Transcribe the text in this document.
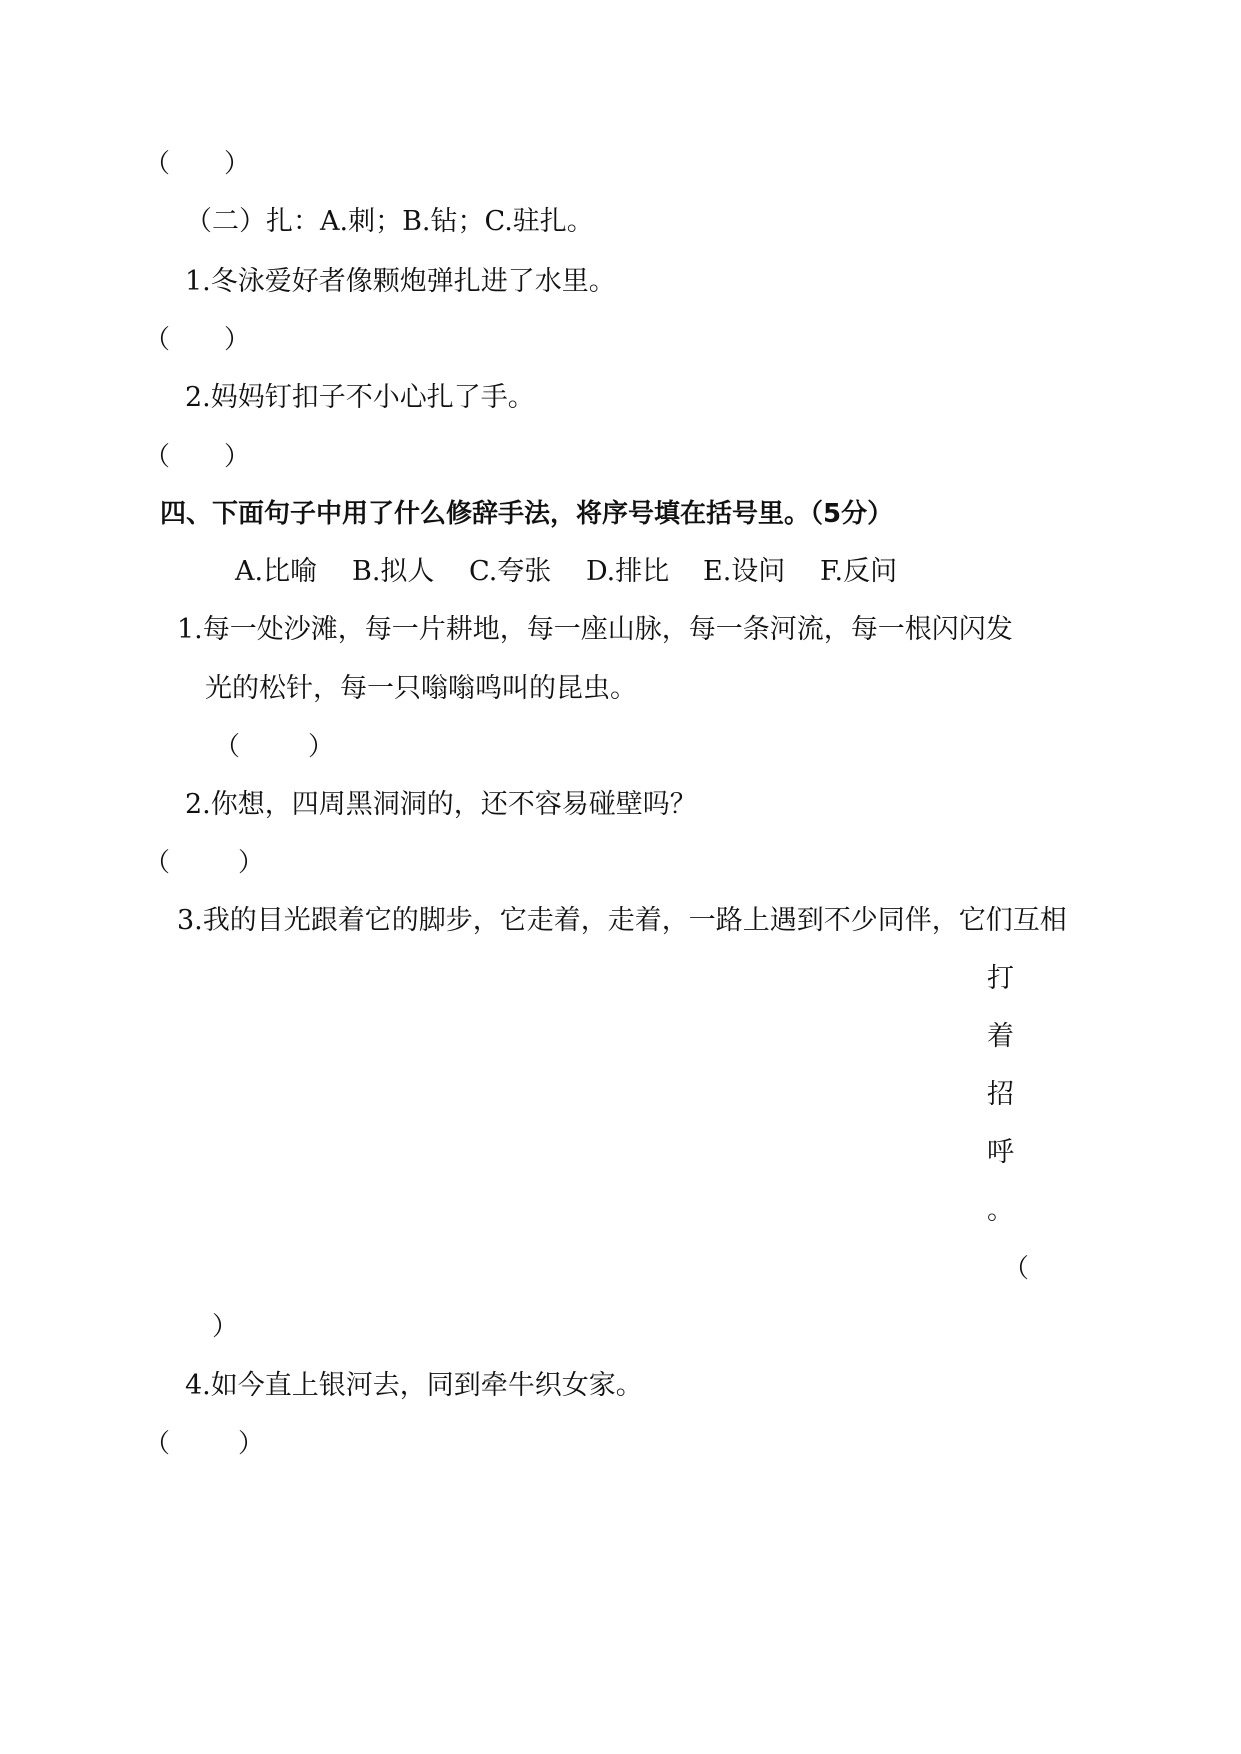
（ ）

（二）扎：A.刺；B.钻；C.驻扎。

1.冬泳爱好者像颗炮弹扎进了水里。

（ ）

2.妈妈钉扣子不小心扎了手。

（ ）

四、下面句子中用了什么修辞手法，将序号填在括号里。（5分）

A.比喻 B.拟人 C.夸张 D.排比 E.设问 F.反问

1.每一处沙滩，每一片耕地，每一座山脉，每一条河流，每一根闪闪发

光的松针，每一只嗡嗡鸣叫的昆虫。

（	）

2.你想，四周黑洞洞的，还不容易碰壁吗？

（	）

3.我的目光跟着它的脚步，它走着，走着，一路上遇到不少同伴，它们互相

打
着
招
呼
。
（
）

4.如今直上银河去，同到牵牛织女家。

（	）
